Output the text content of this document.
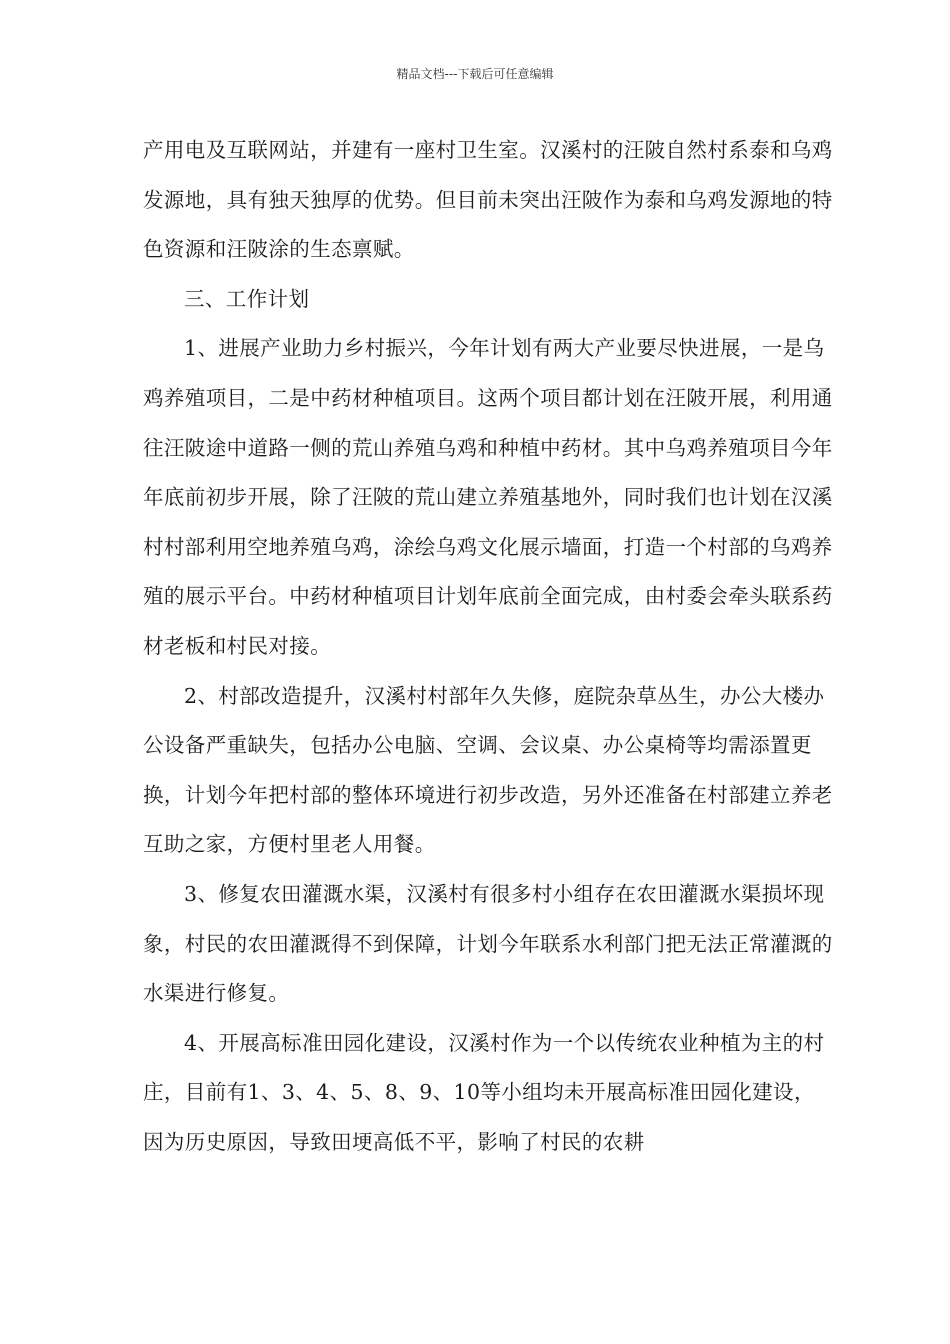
精品文档---下载后可任意编辑

产用电及互联网站，并建有一座村卫生室。汉溪村的汪陂自然村系泰和乌鸡发源地，具有独天独厚的优势。但目前未突出汪陂作为泰和乌鸡发源地的特色资源和汪陂涂的生态禀赋。

三、工作计划

1、进展产业助力乡村振兴，今年计划有两大产业要尽快进展，一是乌鸡养殖项目，二是中药材种植项目。这两个项目都计划在汪陂开展，利用通往汪陂途中道路一侧的荒山养殖乌鸡和种植中药材。其中乌鸡养殖项目今年年底前初步开展，除了汪陂的荒山建立养殖基地外，同时我们也计划在汉溪村村部利用空地养殖乌鸡，涂绘乌鸡文化展示墙面，打造一个村部的乌鸡养殖的展示平台。中药材种植项目计划年底前全面完成，由村委会牵头联系药材老板和村民对接。

2、村部改造提升，汉溪村村部年久失修，庭院杂草丛生，办公大楼办公设备严重缺失，包括办公电脑、空调、会议桌、办公桌椅等均需添置更换，计划今年把村部的整体环境进行初步改造，另外还准备在村部建立养老互助之家，方便村里老人用餐。

3、修复农田灌溉水渠，汉溪村有很多村小组存在农田灌溉水渠损坏现象，村民的农田灌溉得不到保障，计划今年联系水利部门把无法正常灌溉的水渠进行修复。

4、开展高标准田园化建设，汉溪村作为一个以传统农业种植为主的村庄，目前有1、3、4、5、8、9、10等小组均未开展高标准田园化建设，因为历史原因，导致田埂高低不平，影响了村民的农耕
